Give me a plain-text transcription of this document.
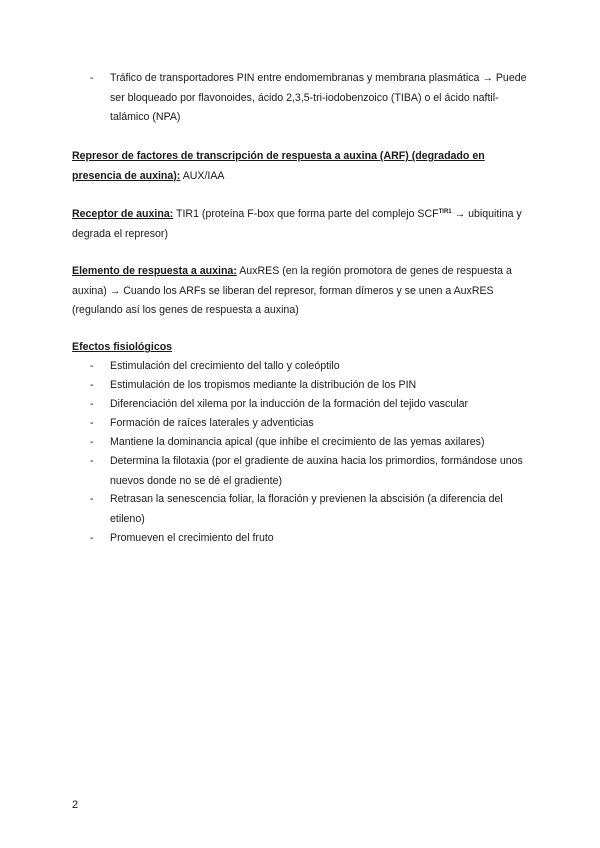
- Tráfico de transportadores PIN entre endomembranas y membrana plasmática → Puede ser bloqueado por flavonoides, ácido 2,3,5-tri-iodobenzoico (TIBA) o el ácido naftil-talámico (NPA)
Represor de factores de transcripción de respuesta a auxina (ARF) (degradado en presencia de auxina): AUX/IAA
Receptor de auxina: TIR1 (proteína F-box que forma parte del complejo $SCF^{TIR1}$ → ubiquitina y degrada el represor)
Elemento de respuesta a auxina: AuxRES (en la región promotora de genes de respuesta a auxina) → Cuando los ARFs se liberan del represor, forman dímeros y se unen a AuxRES (regulando así los genes de respuesta a auxina)
Efectos fisiológicos
- Estimulación del crecimiento del tallo y coleóptilo
- Estimulación de los tropismos mediante la distribución de los PIN
- Diferenciación del xilema por la inducción de la formación del tejido vascular
- Formación de raíces laterales y adventicias
- Mantiene la dominancia apical (que inhibe el crecimiento de las yemas axilares)
- Determina la filotaxia (por el gradiente de auxina hacia los primordios, formándose unos nuevos donde no se dé el gradiente)
- Retrasan la senescencia foliar, la floración y previenen la abscisión (a diferencia del etileno)
- Promueven el crecimiento del fruto
2
